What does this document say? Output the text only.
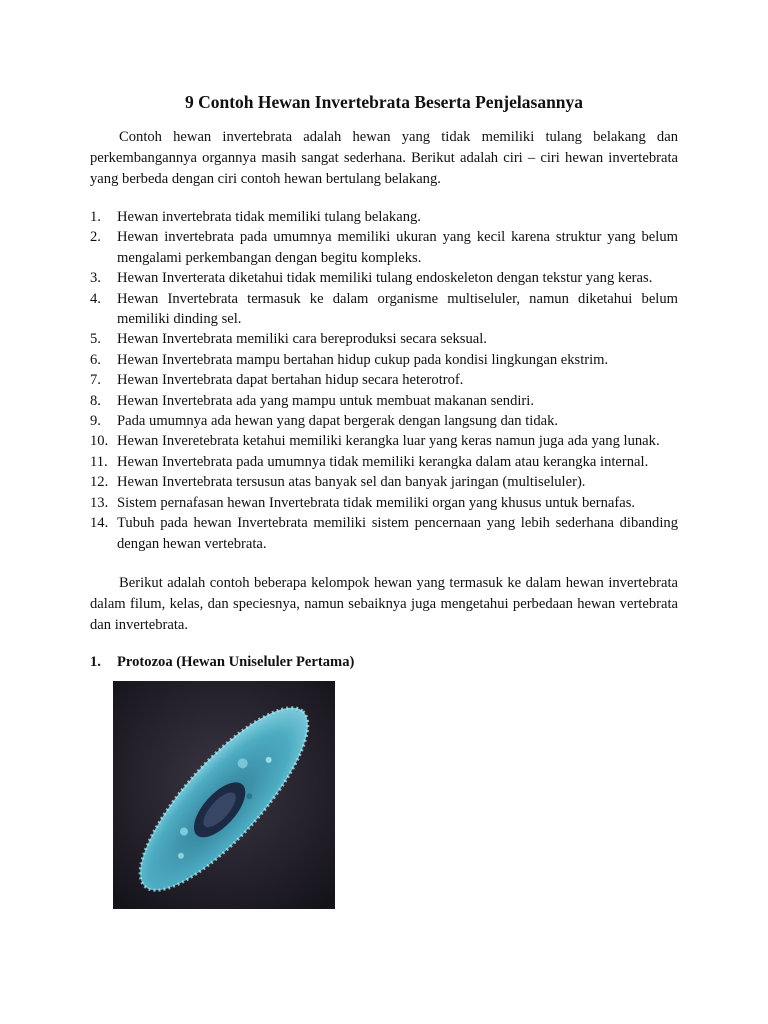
9 Contoh Hewan Invertebrata Beserta Penjelasannya

Contoh hewan invertebrata adalah hewan yang tidak memiliki tulang belakang dan perkembangannya organnya masih sangat sederhana. Berikut adalah ciri – ciri hewan invertebrata yang berbeda dengan ciri contoh hewan bertulang belakang.

1. Hewan invertebrata tidak memiliki tulang belakang.
2. Hewan invertebrata pada umumnya memiliki ukuran yang kecil karena struktur yang belum mengalami perkembangan dengan begitu kompleks.
3. Hewan Inverterata diketahui tidak memiliki tulang endoskeleton dengan tekstur yang keras.
4. Hewan Invertebrata termasuk ke dalam organisme multiseluler, namun diketahui belum memiliki dinding sel.
5. Hewan Invertebrata memiliki cara bereproduksi secara seksual.
6. Hewan Invertebrata mampu bertahan hidup cukup pada kondisi lingkungan ekstrim.
7. Hewan Invertebrata dapat bertahan hidup secara heterotrof.
8. Hewan Invertebrata ada yang mampu untuk membuat makanan sendiri.
9. Pada umumnya ada hewan yang dapat bergerak dengan langsung dan tidak.
10. Hewan Inveretebrata ketahui memiliki kerangka luar yang keras namun juga ada yang lunak.
11. Hewan Invertebrata pada umumnya tidak memiliki kerangka dalam atau kerangka internal.
12. Hewan Invertebrata tersusun atas banyak sel dan banyak jaringan (multiseluler).
13. Sistem pernafasan hewan Invertebrata tidak memiliki organ yang khusus untuk bernafas.
14. Tubuh pada hewan Invertebrata memiliki sistem pencernaan yang lebih sederhana dibanding dengan hewan vertebrata.

Berikut adalah contoh beberapa kelompok hewan yang termasuk ke dalam hewan invertebrata dalam filum, kelas, dan speciesnya, namun sebaiknya juga mengetahui perbedaan hewan vertebrata dan invertebrata.

1. Protozoa (Hewan Uniseluler Pertama)
